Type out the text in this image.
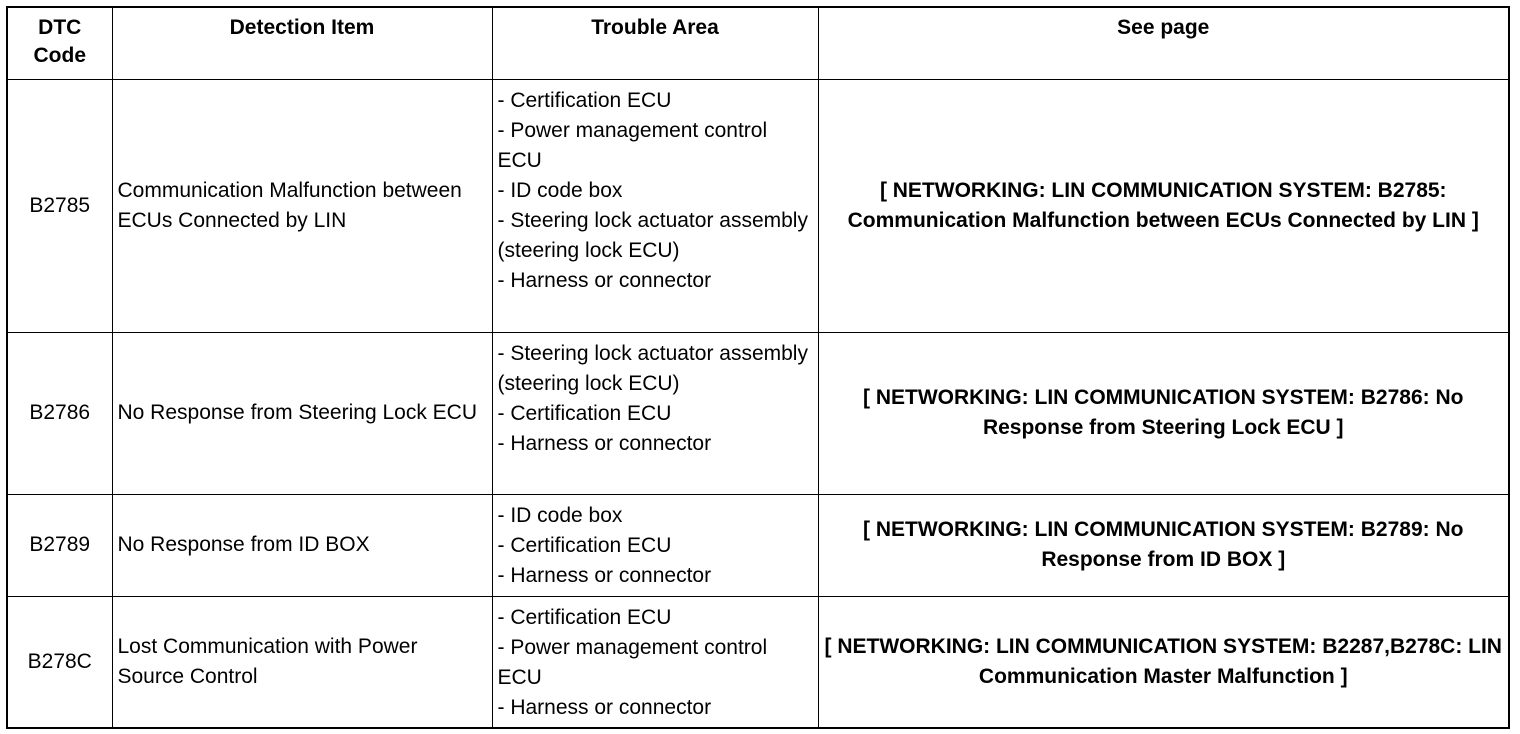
DTC
Code	Detection Item	Trouble Area	See page
B2785	Communication Malfunction between ECUs Connected by LIN	- Certification ECU
- Power management control ECU
- ID code box
- Steering lock actuator assembly (steering lock ECU)
- Harness or connector	[ NETWORKING: LIN COMMUNICATION SYSTEM: B2785: Communication Malfunction between ECUs Connected by LIN ]
B2786	No Response from Steering Lock ECU	- Steering lock actuator assembly (steering lock ECU)
- Certification ECU
- Harness or connector	[ NETWORKING: LIN COMMUNICATION SYSTEM: B2786: No Response from Steering Lock ECU ]
B2789	No Response from ID BOX	- ID code box
- Certification ECU
- Harness or connector	[ NETWORKING: LIN COMMUNICATION SYSTEM: B2789: No Response from ID BOX ]
B278C	Lost Communication with Power Source Control	- Certification ECU
- Power management control ECU
- Harness or connector	[ NETWORKING: LIN COMMUNICATION SYSTEM: B2287,B278C: LIN Communication Master Malfunction ]
